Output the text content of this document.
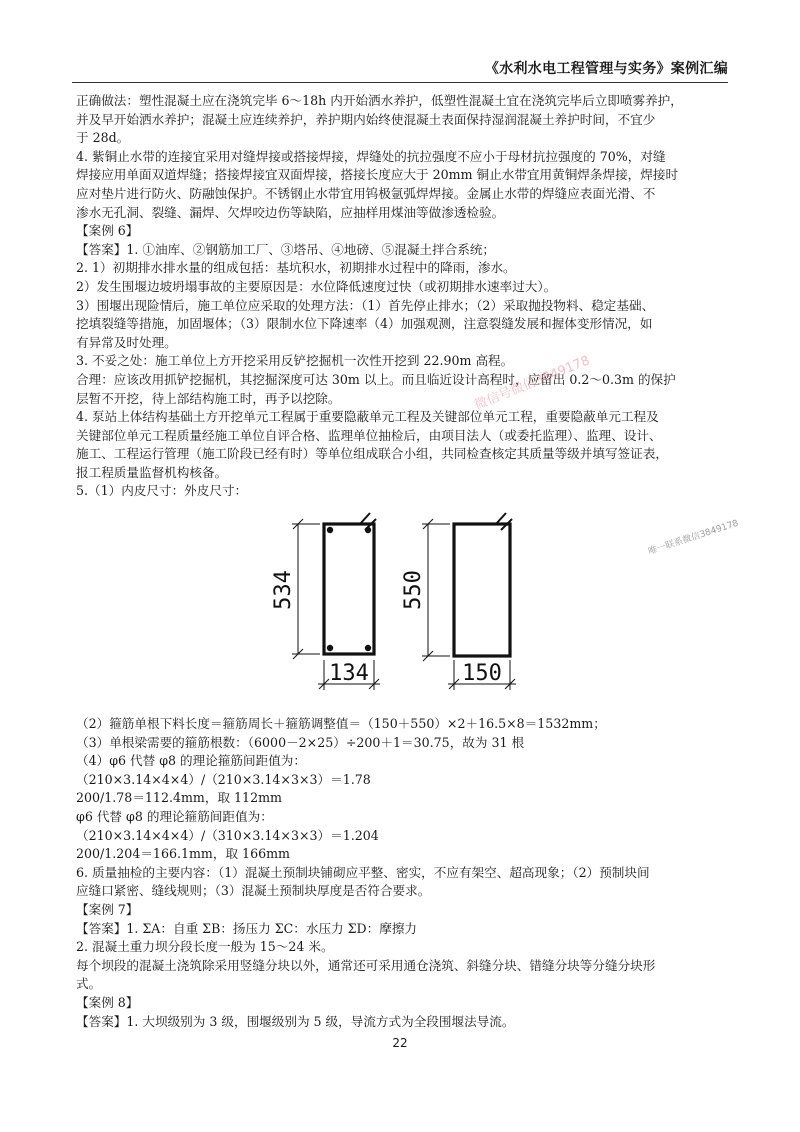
《水利水电工程管理与实务》案例汇编

正确做法：塑性混凝土应在浇筑完毕 6～18h 内开始洒水养护，低塑性混凝土宜在浇筑完毕后立即喷雾养护，

并及早开始洒水养护；混凝土应连续养护，养护期内始终使混凝土表面保持湿润混凝土养护时间，不宜少

于 28d。

4. 紫铜止水带的连接宜采用对缝焊接或搭接焊接，焊缝处的抗拉强度不应小于母材抗拉强度的 70%，对缝

焊接应用单面双道焊缝；搭接焊接宜双面焊接，搭接长度应大于 20mm 铜止水带宜用黄铜焊条焊接，焊接时

应对垫片进行防火、防融蚀保护。不锈钢止水带宜用钨极氩弧焊焊接。金属止水带的焊缝应表面光滑、不

渗水无孔洞、裂缝、漏焊、欠焊咬边伤等缺陷，应抽样用煤油等做渗透检验。

【案例 6】

【答案】1. ①油库、②钢筋加工厂、③塔吊、④地磅、⑤混凝土拌合系统；

2. 1）初期排水排水量的组成包括：基坑积水，初期排水过程中的降雨，渗水。

2）发生围堰边坡坍塌事故的主要原因是：水位降低速度过快（或初期排水速率过大）。

3）围堰出现险情后，施工单位应采取的处理方法：（1）首先停止排水；（2）采取抛投物料、稳定基础、

挖填裂缝等措施，加固堰体；（3）限制水位下降速率（4）加强观测，注意裂缝发展和握体变形情况，如

有异常及时处理。

3. 不妥之处：施工单位上方开挖采用反铲挖掘机一次性开挖到 22.90m 高程。

合理：应该改用抓铲挖掘机，其挖掘深度可达 30m 以上。而且临近设计高程时，应留出 0.2～0.3m 的保护

层暂不开挖，待上部结构施工时，再予以挖除。

4. 泵站上体结构基础土方开挖单元工程属于重要隐蔽单元工程及关键部位单元工程，重要隐蔽单元工程及

关键部位单元工程质量经施工单位自评合格、监理单位抽检后，由项目法人（或委托监理）、监理、设计、

施工、工程运行管理（施工阶段已经有时）等单位组成联合小组，共同检查核定其质量等级并填写签证表，

报工程质量监督机构核备。

5.（1）内皮尺寸：外皮尺寸：

（2）箍筋单根下料长度＝箍筋周长＋箍筋调整值＝（150＋550）×2＋16.5×8＝1532mm；

（3）单根梁需要的箍筋根数：（6000－2×25）÷200＋1＝30.75，故为 31 根

（4）φ6 代替 φ8 的理论箍筋间距值为：

（210×3.14×4×4）/（210×3.14×3×3）＝1.78

200/1.78＝112.4mm，取 112mm

φ6 代替 φ8 的理论箍筋间距值为：

（210×3.14×4×4）/（310×3.14×3×3）＝1.204

200/1.204＝166.1mm，取 166mm

6. 质量抽检的主要内容：（1）混凝土预制块铺砌应平整、密实，不应有架空、超高现象；（2）预制块间

应缝口紧密、缝线规则；（3）混凝土预制块厚度是否符合要求。

【案例 7】

【答案】1. ΣA：自重 ΣB：扬压力 ΣC：水压力 ΣD：摩擦力

2. 混凝土重力坝分段长度一般为 15～24 米。

每个坝段的混凝土浇筑除采用竖缝分块以外，通常还可采用通仓浇筑、斜缝分块、错缝分块等分缝分块形

式。

【案例 8】

【答案】1. 大坝级别为 3 级，围堰级别为 5 级，导流方式为全段围堰法导流。

534
134
550
150
微信号微信3849178
唯一联系微信3849178
22
